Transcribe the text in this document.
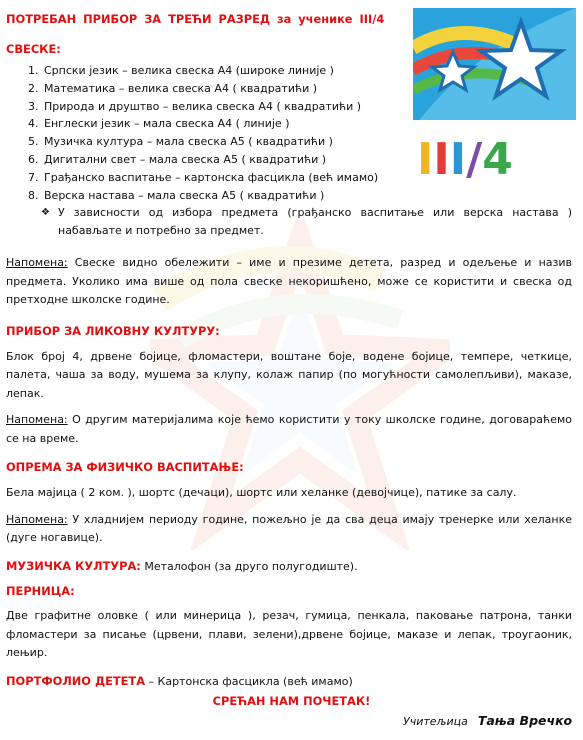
III/4
ПОТРЕБАН ПРИБОР ЗА ТРЕЋИ РАЗРЕД за ученике III/4
СВЕСКЕ:
1. Српски језик – велика свеска А4 (широке линије )
2. Математика – велика свеска А4 ( квадратићи )
3. Природа и друштво – велика свеска А4 ( квадратићи )
4. Енглески језик – мала свеска А4 ( линије )
5. Музичка култура – мала свеска А5 ( квадратићи )
6. Дигитални свет – мала свеска А5 ( квадратићи )
7. Грађанско васпитање – картонска фасцикла (већ имамо)
8. Верска настава – мала свеска А5 ( квадратићи )
❖ У зависности од избора предмета (грађанско васпитање или верска настава ) набављате и потребно за предмет.

Напомена: Свеске видно обележити – име и презиме детета, разред и одељење и назив предмета. Уколико има више од пола свеске некоришћено, може се користити и свеска од претходне школске године.

ПРИБОР ЗА ЛИКОВНУ КУЛТУРУ:

Блок број 4, дрвене бојице, фломастери, воштане боје, водене бојице, темпере, четкице, палета, чаша за воду, мушема за клупу, колаж папир (по могућности самолепљиви), маказе, лепак.

Напомена: О другим материјалима које ћемо користити у току школске године, договараћемо се на време.

ОПРЕМА ЗА ФИЗИЧКО ВАСПИТАЊЕ:

Бела мајица ( 2 ком. ), шортс (дечаци), шортс или хеланке (девојчице), патике за салу.

Напомена: У хладнијем периоду године, пожељно је да сва деца имају тренерке или хеланке (дуге ногавице).

МУЗИЧКА КУЛТУРА: Металофон (за друго полугодиште).

ПЕРНИЦА:

Две графитне оловке ( или минерица ), резач, гумица, пенкала, паковање патрона, танки фломастери за писање (црвени, плави, зелени),дрвене бојице, маказе и лепак, троугаоник, лењир.

ПОРТФОЛИО ДЕТЕТА – Картонска фасцикла (већ имамо)

СРЕЋАН НАМ ПОЧЕТАК!
Учитељица Тања Вречко
